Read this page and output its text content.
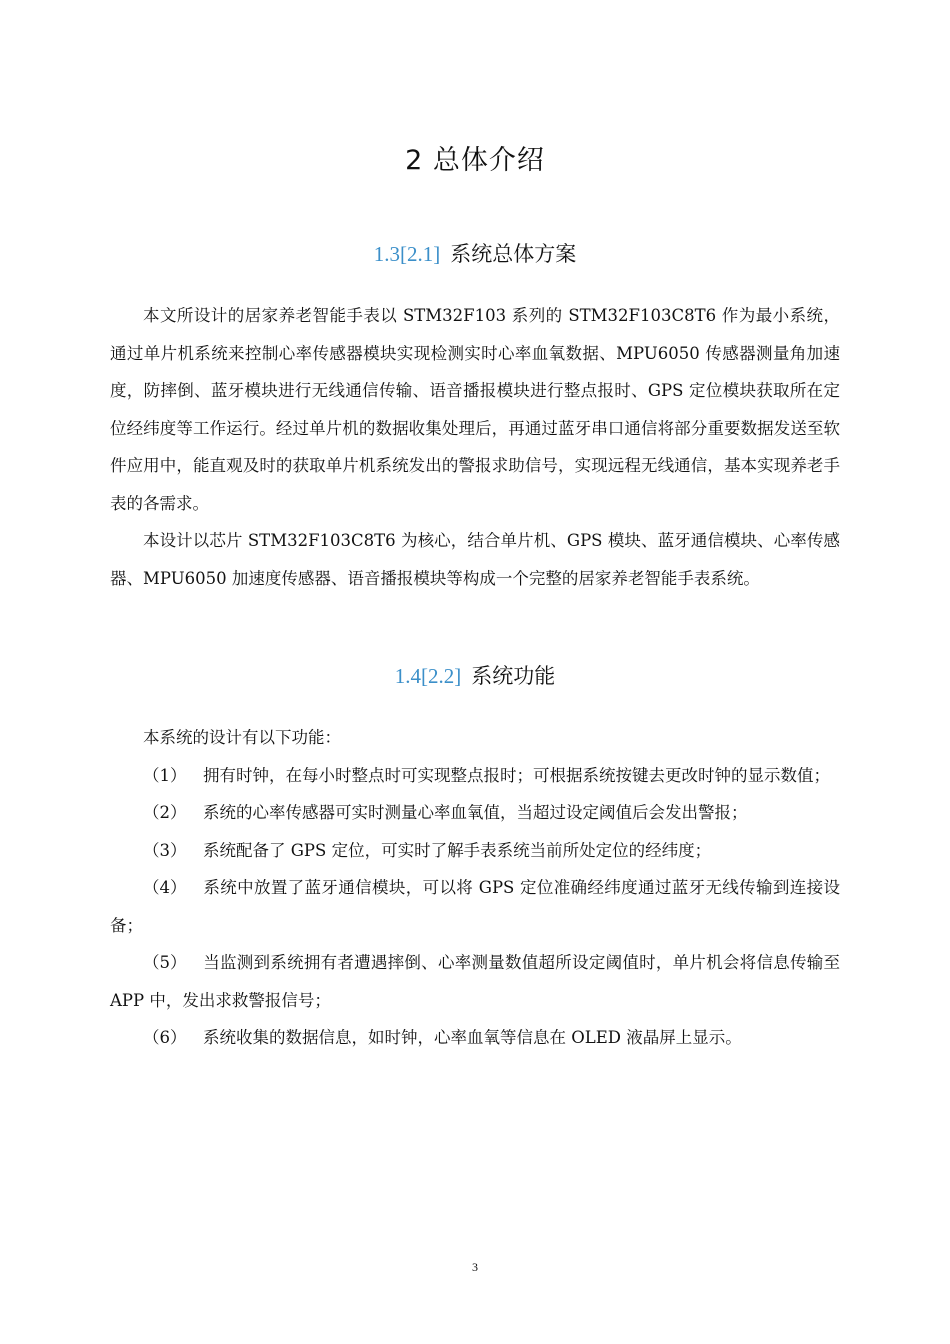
2 总体介绍
1.3[2.1] 系统总体方案

本文所设计的居家养老智能手表以 STM32F103 系列的 STM32F103C8T6 作为最小系统，通过单片机系统来控制心率传感器模块实现检测实时心率血氧数据、MPU6050 传感器测量角加速度，防摔倒、蓝牙模块进行无线通信传输、语音播报模块进行整点报时、GPS 定位模块获取所在定位经纬度等工作运行。经过单片机的数据收集处理后，再通过蓝牙串口通信将部分重要数据发送至软件应用中，能直观及时的获取单片机系统发出的警报求助信号，实现远程无线通信，基本实现养老手表的各需求。

本设计以芯片 STM32F103C8T6 为核心，结合单片机、GPS 模块、蓝牙通信模块、心率传感器、MPU6050 加速度传感器、语音播报模块等构成一个完整的居家养老智能手表系统。

1.4[2.2] 系统功能

本系统的设计有以下功能：

（1） 拥有时钟，在每小时整点时可实现整点报时；可根据系统按键去更改时钟的显示数值；

（2） 系统的心率传感器可实时测量心率血氧值，当超过设定阈值后会发出警报；

（3） 系统配备了 GPS 定位，可实时了解手表系统当前所处定位的经纬度；

（4） 系统中放置了蓝牙通信模块，可以将 GPS 定位准确经纬度通过蓝牙无线传输到连接设备；

（5） 当监测到系统拥有者遭遇摔倒、心率测量数值超所设定阈值时，单片机会将信息传输至 APP 中，发出求救警报信号；

（6） 系统收集的数据信息，如时钟，心率血氧等信息在 OLED 液晶屏上显示。

3
